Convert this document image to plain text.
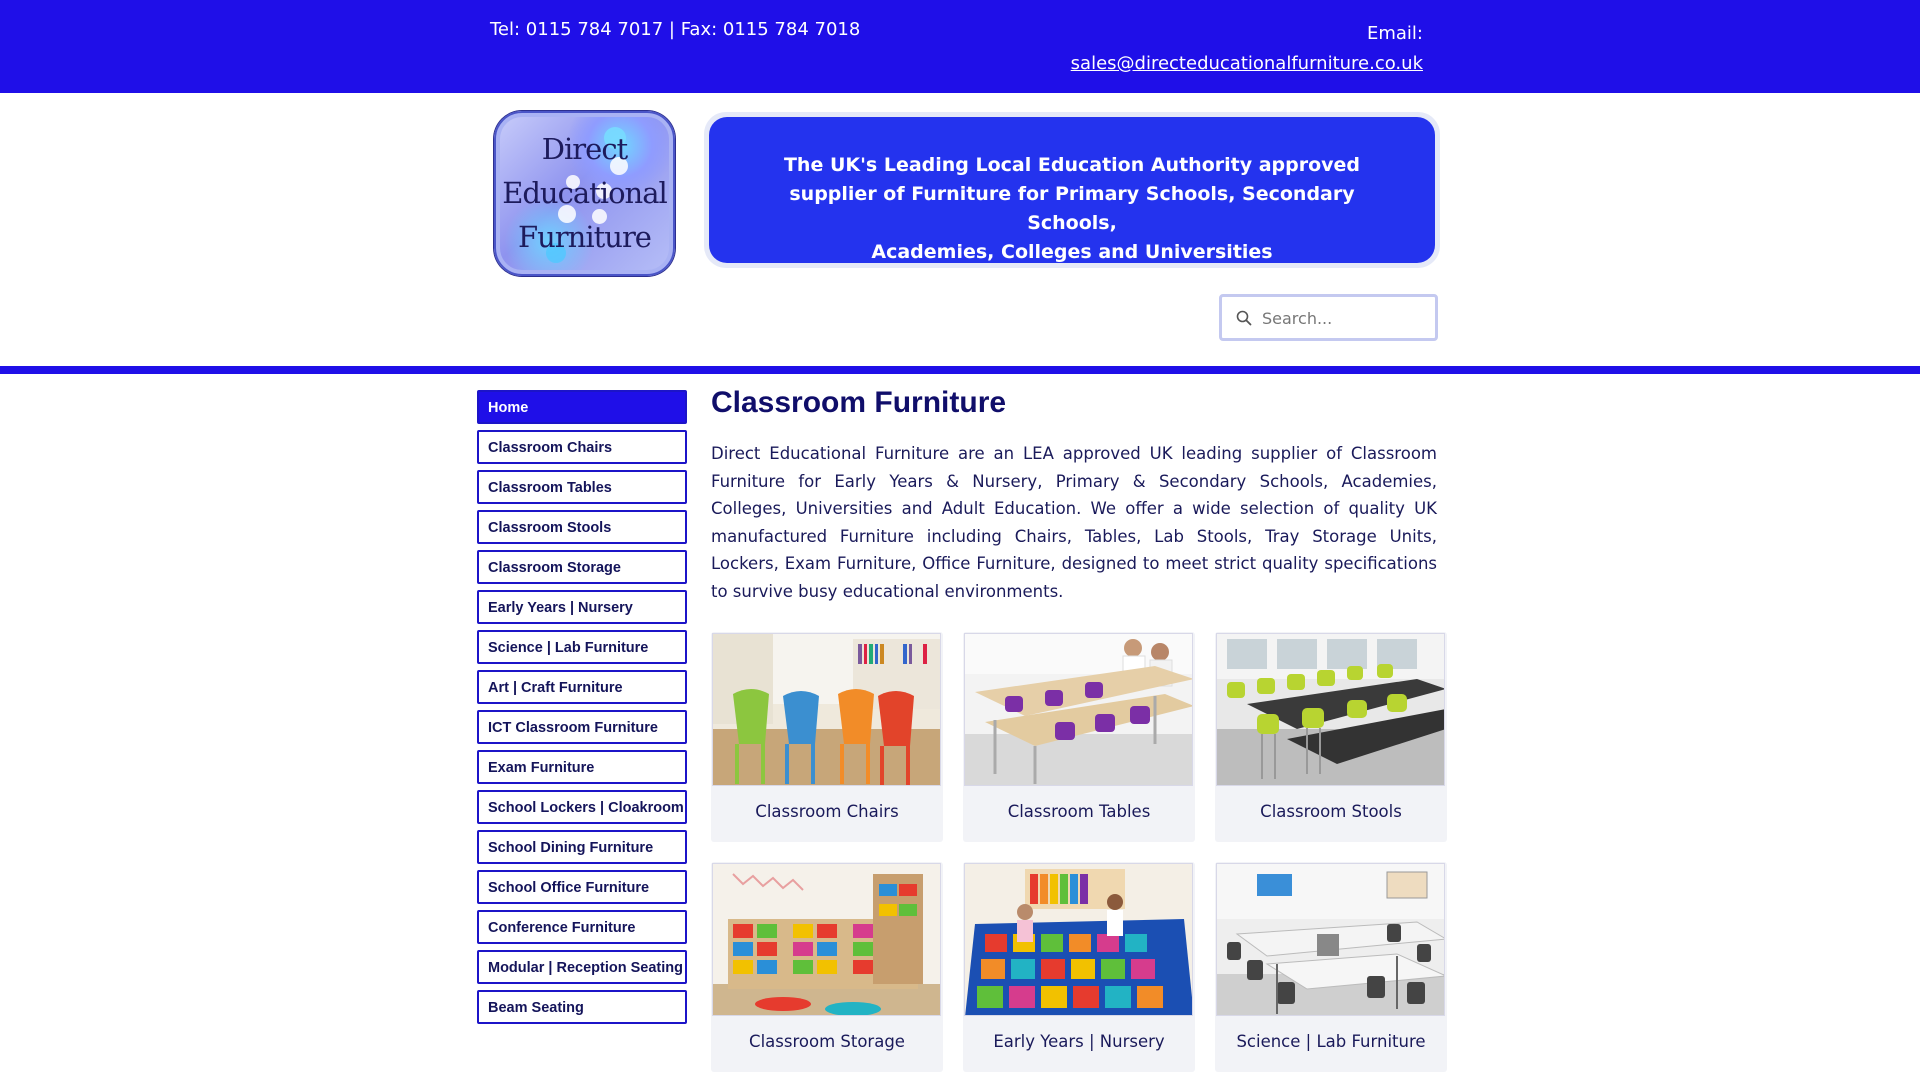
Tel: 0115 784 7017 | Fax: 0115 784 7018	Email:
sales@directeducationalfurniture.co.uk
Direct
Educational
Furniture
The UK's Leading Local Education Authority approved
supplier of Furniture for Primary Schools, Secondary Schools,
Academies, Colleges and Universities
Search...
Home
Classroom Chairs
Classroom Tables
Classroom Stools
Classroom Storage
Early Years | Nursery
Science | Lab Furniture
Art | Craft Furniture
ICT Classroom Furniture
Exam Furniture
School Lockers | Cloakroom
School Dining Furniture
School Office Furniture
Conference Furniture
Modular | Reception Seating
Beam Seating
Classroom Furniture

Direct Educational Furniture are an LEA approved UK leading supplier of Classroom Furniture for Early Years & Nursery, Primary & Secondary Schools, Academies, Colleges, Universities and Adult Education. We offer a wide selection of quality UK manufactured Furniture including Chairs, Tables, Lab Stools, Tray Storage Units, Lockers, Exam Furniture, Office Furniture, designed to meet strict quality specifications to survive busy educational environments.

Classroom Chairs	Classroom Tables	Classroom Stools
Classroom Storage	Early Years | Nursery	Science | Lab Furniture
